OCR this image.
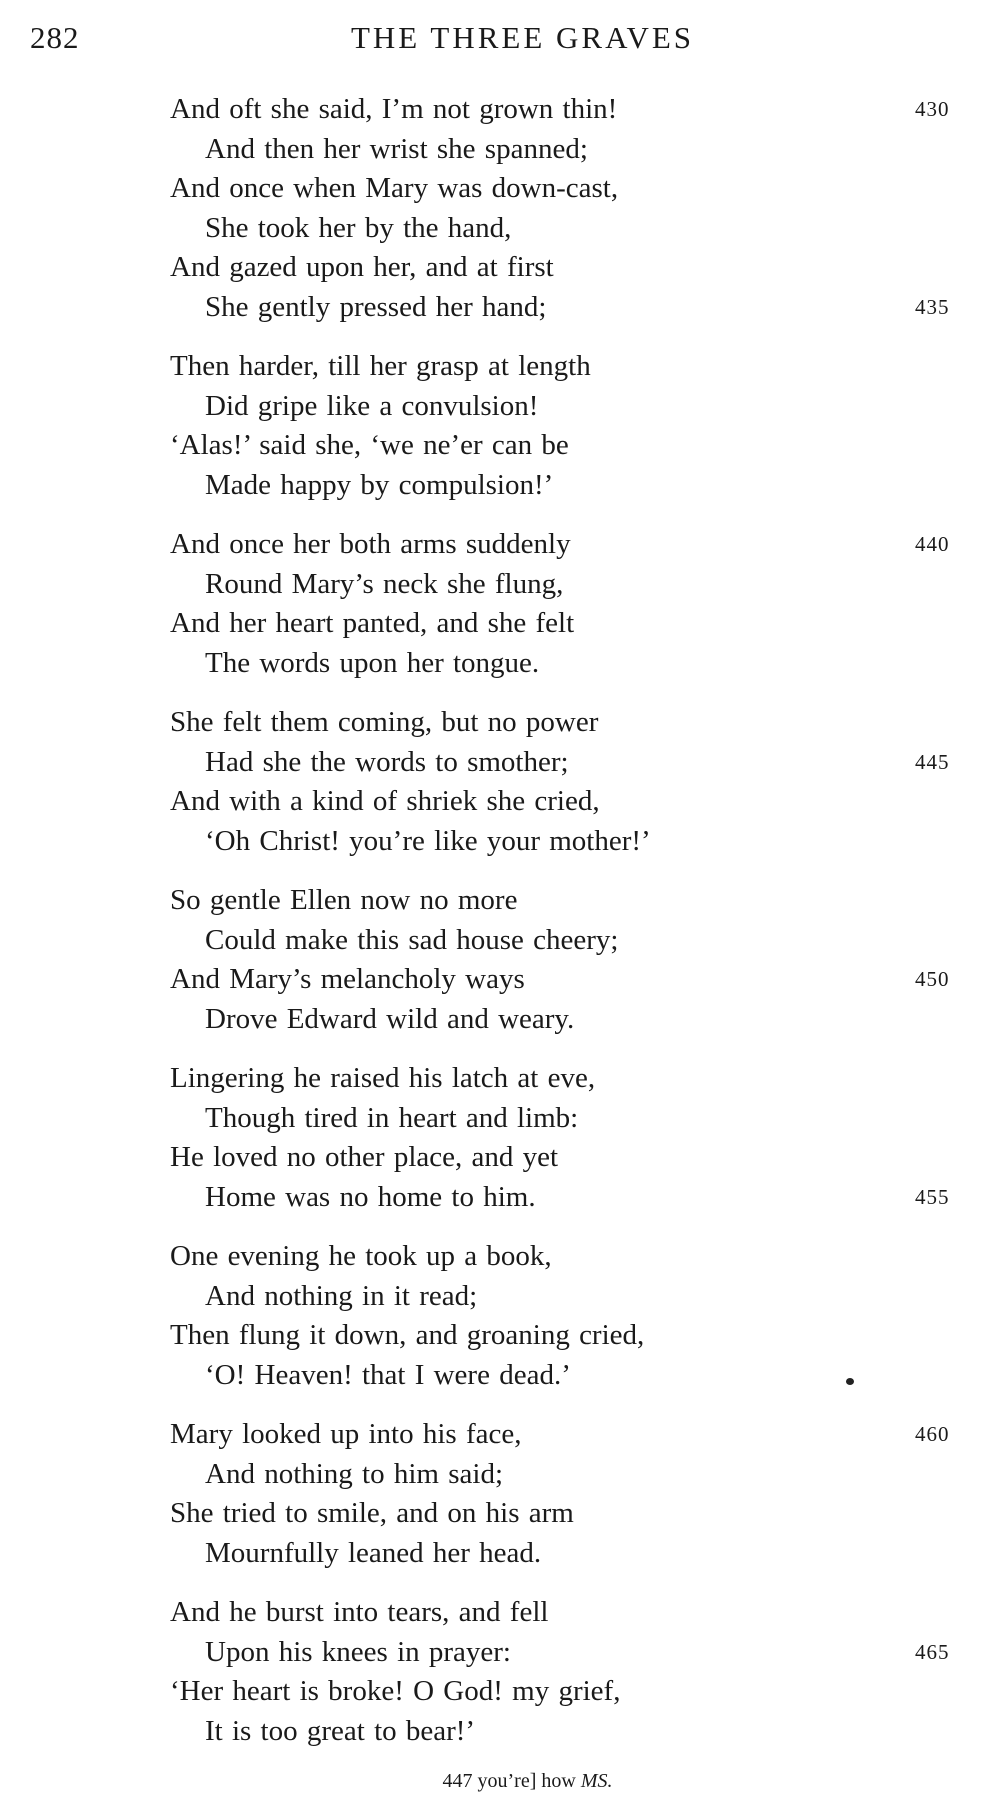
282	THE THREE GRAVES
And oft she said, I’m not grown thin!	430
And then her wrist she spanned;
And once when Mary was down-cast,
She took her by the hand,
And gazed upon her, and at first
She gently pressed her hand;	435
Then harder, till her grasp at length
Did gripe like a convulsion!
‘Alas!’ said she, ‘we ne’er can be
Made happy by compulsion!’
And once her both arms suddenly	440
Round Mary’s neck she flung,
And her heart panted, and she felt
The words upon her tongue.
She felt them coming, but no power
Had she the words to smother;	445
And with a kind of shriek she cried,
‘Oh Christ! you’re like your mother!’
So gentle Ellen now no more
Could make this sad house cheery;
And Mary’s melancholy ways	450
Drove Edward wild and weary.
Lingering he raised his latch at eve,
Though tired in heart and limb:
He loved no other place, and yet
Home was no home to him.	455
One evening he took up a book,
And nothing in it read;
Then flung it down, and groaning cried,
‘O! Heaven! that I were dead.’
Mary looked up into his face,	460
And nothing to him said;
She tried to smile, and on his arm
Mournfully leaned her head.
And he burst into tears, and fell
Upon his knees in prayer:	465
‘Her heart is broke! O God! my grief,
It is too great to bear!’
447 you’re] how MS.
